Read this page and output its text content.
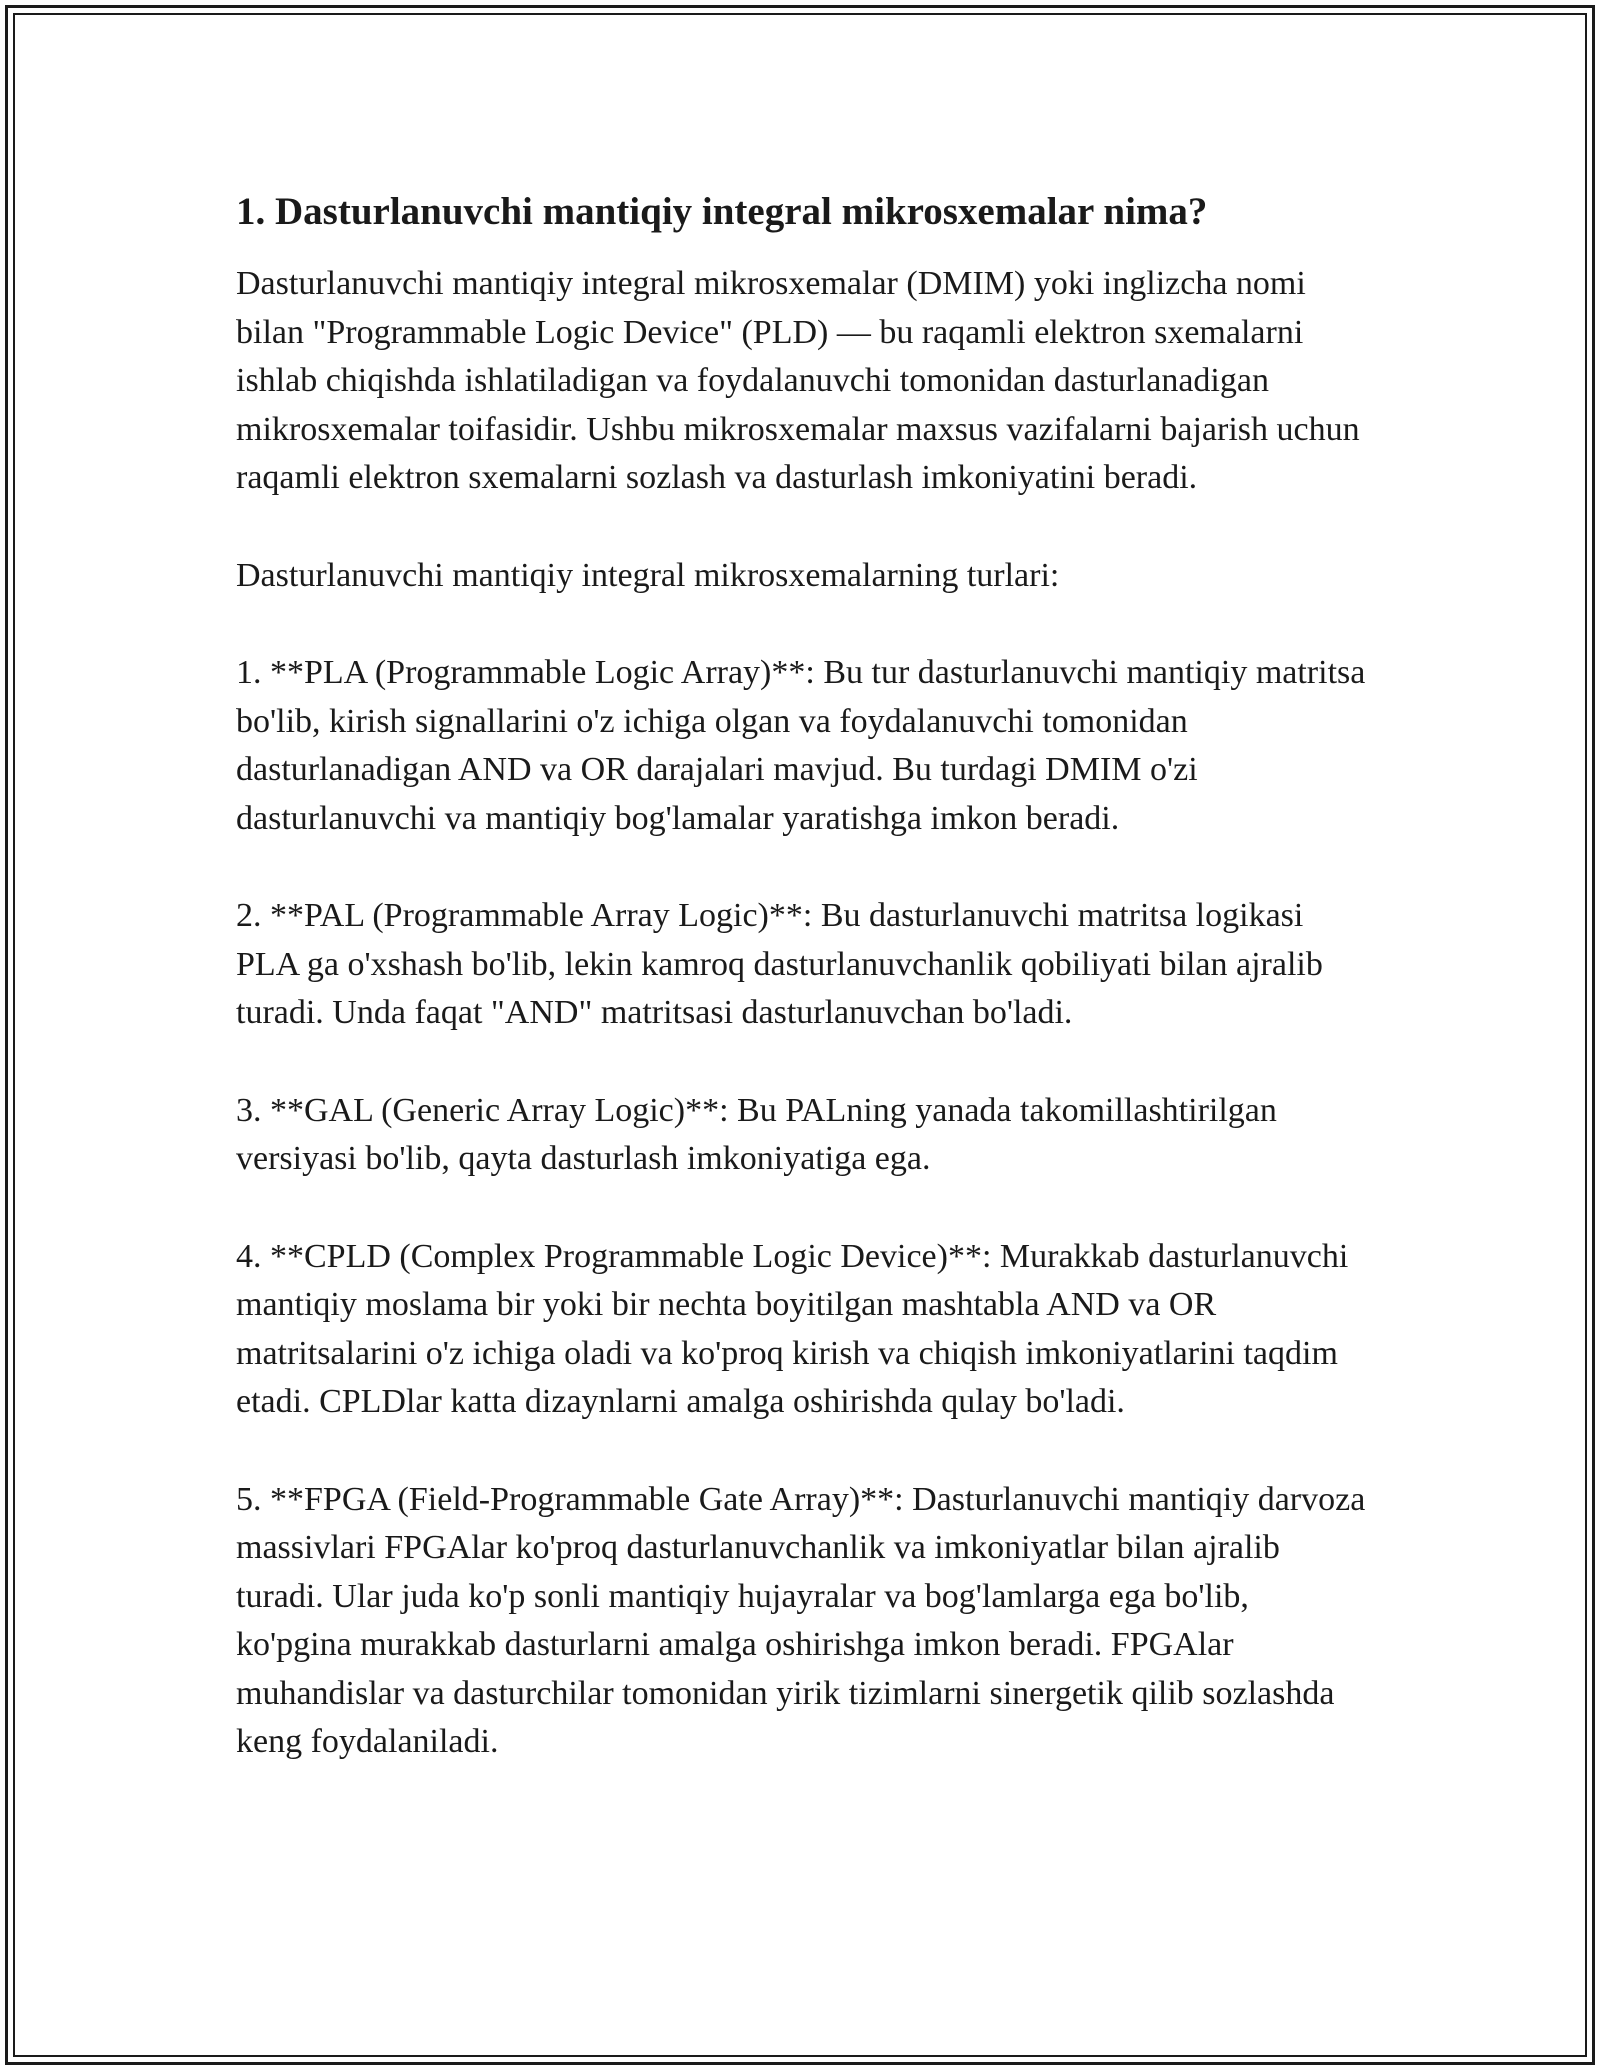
1. Dasturlanuvchi mantiqiy integral mikrosxemalar nima?

Dasturlanuvchi mantiqiy integral mikrosxemalar (DMIM) yoki inglizcha nomi bilan "Programmable Logic Device" (PLD) — bu raqamli elektron sxemalarni ishlab chiqishda ishlatiladigan va foydalanuvchi tomonidan dasturlanadigan mikrosxemalar toifasidir. Ushbu mikrosxemalar maxsus vazifalarni bajarish uchun raqamli elektron sxemalarni sozlash va dasturlash imkoniyatini beradi.

Dasturlanuvchi mantiqiy integral mikrosxemalarning turlari:

1. **PLA (Programmable Logic Array)**: Bu tur dasturlanuvchi mantiqiy matritsa bo'lib, kirish signallarini o'z ichiga olgan va foydalanuvchi tomonidan dasturlanadigan AND va OR darajalari mavjud. Bu turdagi DMIM o'zi dasturlanuvchi va mantiqiy bog'lamalar yaratishga imkon beradi.

2. **PAL (Programmable Array Logic)**: Bu dasturlanuvchi matritsa logikasi PLA ga o'xshash bo'lib, lekin kamroq dasturlanuvchanlik qobiliyati bilan ajralib turadi. Unda faqat "AND" matritsasi dasturlanuvchan bo'ladi.

3. **GAL (Generic Array Logic)**: Bu PALning yanada takomillashtirilgan versiyasi bo'lib, qayta dasturlash imkoniyatiga ega.

4. **CPLD (Complex Programmable Logic Device)**: Murakkab dasturlanuvchi mantiqiy moslama bir yoki bir nechta boyitilgan mashtabla AND va OR matritsalarini o'z ichiga oladi va ko'proq kirish va chiqish imkoniyatlarini taqdim etadi. CPLDlar katta dizaynlarni amalga oshirishda qulay bo'ladi.

5. **FPGA (Field-Programmable Gate Array)**: Dasturlanuvchi mantiqiy darvoza massivlari FPGAlar ko'proq dasturlanuvchanlik va imkoniyatlar bilan ajralib turadi. Ular juda ko'p sonli mantiqiy hujayralar va bog'lamlarga ega bo'lib, ko'pgina murakkab dasturlarni amalga oshirishga imkon beradi. FPGAlar muhandislar va dasturchilar tomonidan yirik tizimlarni sinergetik qilib sozlashda keng foydalaniladi.
